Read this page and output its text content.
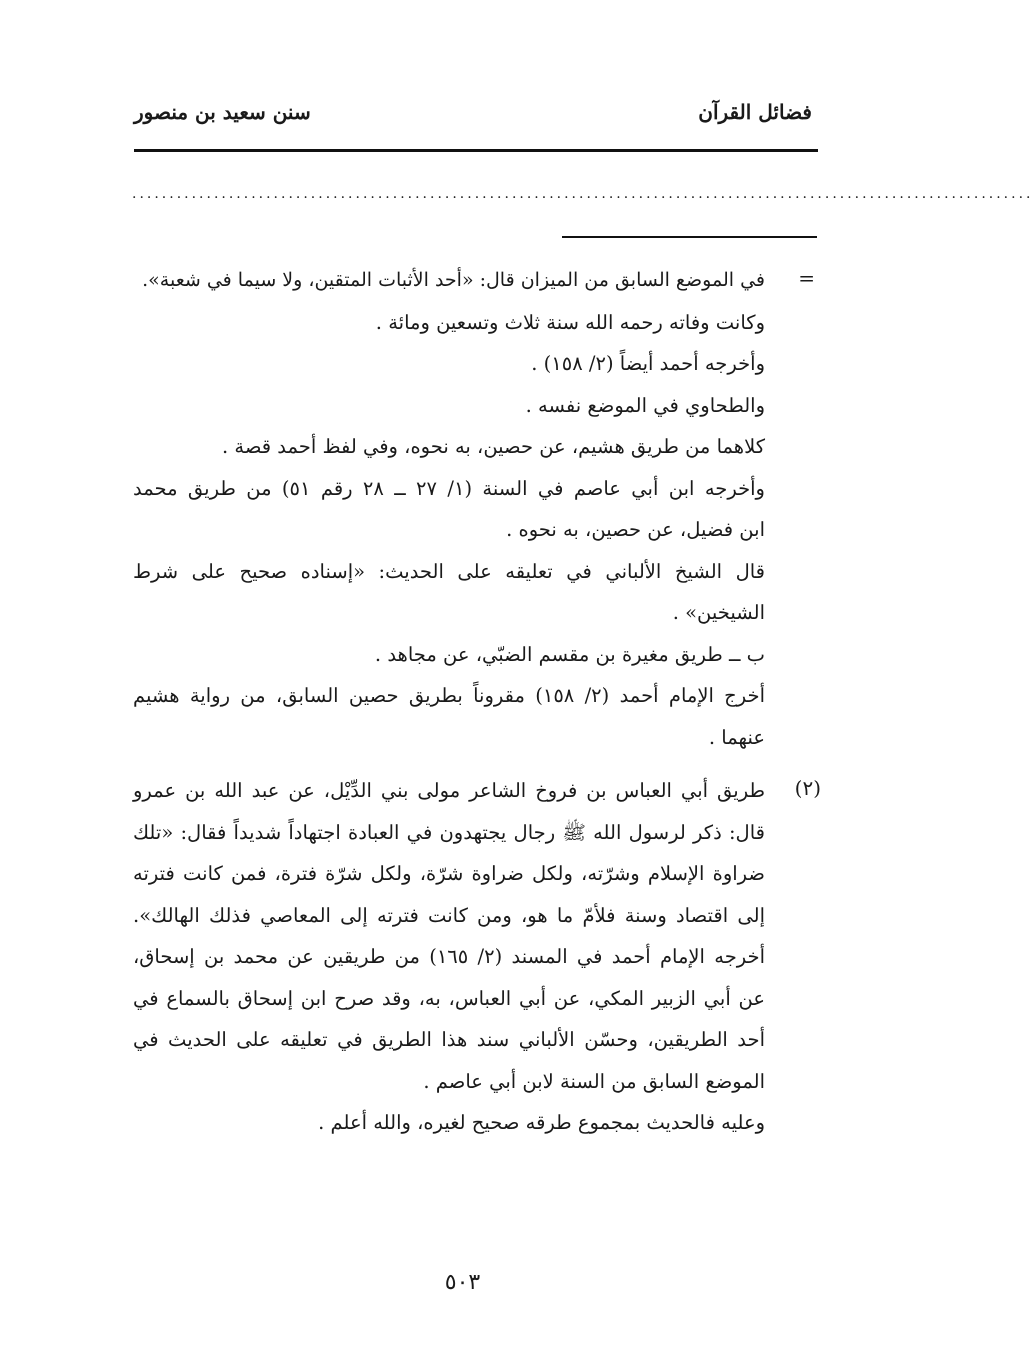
فضائل القرآن
سنن سعيد بن منصور
·························································································································
=
في الموضع السابق من الميزان قال: «أحد الأثبات المتقين، ولا سيما في شعبة».
وكانت وفاته رحمه الله سنة ثلاث وتسعين ومائة .
وأخرجه أحمد أيضاً (٢/ ١٥٨) .
والطحاوي في الموضع نفسه .
كلاهما من طريق هشيم، عن حصين، به نحوه، وفي لفظ أحمد قصة .
وأخرجه ابن أبي عاصم في السنة (١/ ٢٧ ــ ٢٨ رقم ٥١) من طريق محمد
ابن فضيل، عن حصين، به نحوه .
قال الشيخ الألباني في تعليقه على الحديث: «إسناده صحيح على شرط
الشيخين» .
ب ــ طريق مغيرة بن مقسم الضبّي، عن مجاهد .
أخرج الإمام أحمد (٢/ ١٥٨) مقروناً بطريق حصين السابق، من رواية هشيم
عنهما .
(٢)
طريق أبي العباس بن فروخ الشاعر مولى بني الدِّيْل، عن عبد الله بن عمرو
قال: ذكر لرسول الله ﷺ رجال يجتهدون في العبادة اجتهاداً شديداً فقال: «تلك
ضراوة الإسلام وشرّته، ولكل ضراوة شرّة، ولكل شرّة فترة، فمن كانت فترته
إلى اقتصاد وسنة فلأمّ ما هو، ومن كانت فترته إلى المعاصي فذلك الهالك».
أخرجه الإمام أحمد في المسند (٢/ ١٦٥) من طريقين عن محمد بن إسحاق،
عن أبي الزبير المكي، عن أبي العباس، به، وقد صرح ابن إسحاق بالسماع في
أحد الطريقين، وحسّن الألباني سند هذا الطريق في تعليقه على الحديث في
الموضع السابق من السنة لابن أبي عاصم .
وعليه فالحديث بمجموع طرقه صحيح لغيره، والله أعلم .
٥٠٣
